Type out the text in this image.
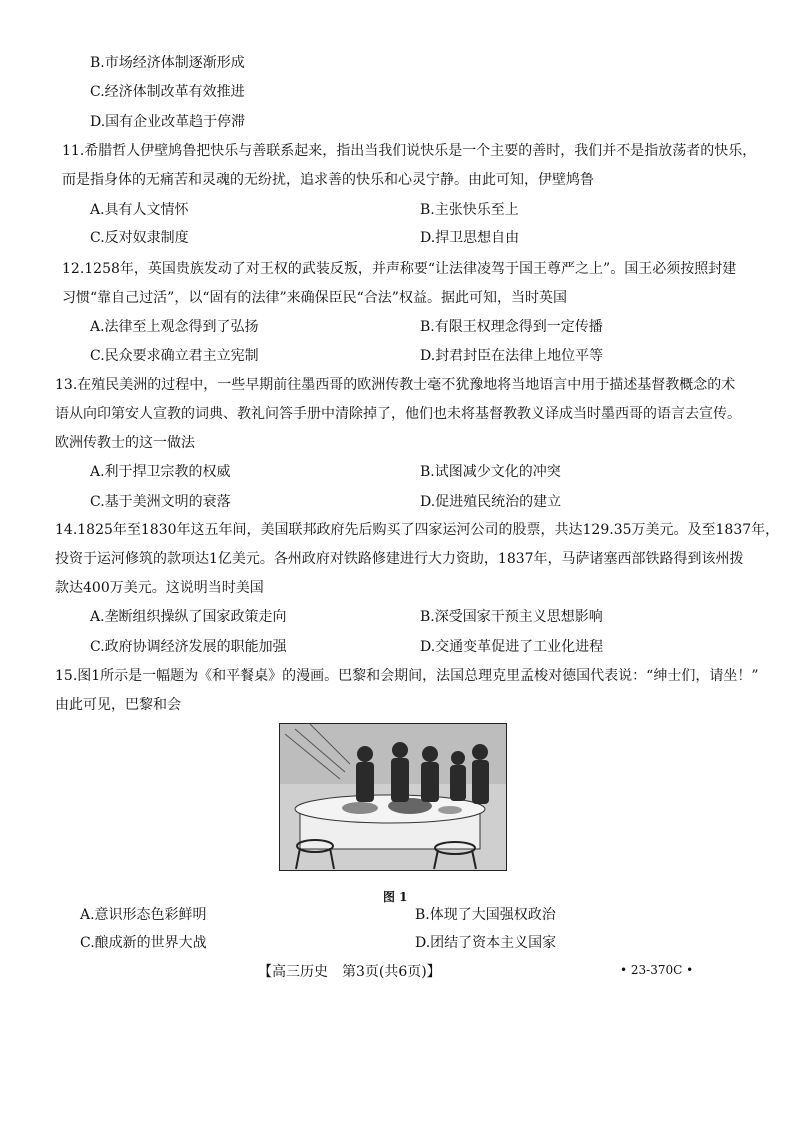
B.市场经济体制逐渐形成
C.经济体制改革有效推进
D.国有企业改革趋于停滞
11.希腊哲人伊壁鸠鲁把快乐与善联系起来，指出当我们说快乐是一个主要的善时，我们并不是指放荡者的快乐，
而是指身体的无痛苦和灵魂的无纷扰，追求善的快乐和心灵宁静。由此可知，伊壁鸠鲁
A.具有人文情怀	B.主张快乐至上
C.反对奴隶制度	D.捍卫思想自由
12.1258年，英国贵族发动了对王权的武装反叛，并声称要“让法律凌驾于国王尊严之上”。国王必须按照封建
习惯“靠自己过活”，以“固有的法律”来确保臣民“合法”权益。据此可知，当时英国
A.法律至上观念得到了弘扬	B.有限王权理念得到一定传播
C.民众要求确立君主立宪制	D.封君封臣在法律上地位平等
13.在殖民美洲的过程中，一些早期前往墨西哥的欧洲传教士毫不犹豫地将当地语言中用于描述基督教概念的术
语从向印第安人宣教的词典、教礼问答手册中清除掉了，他们也未将基督教教义译成当时墨西哥的语言去宣传。
欧洲传教士的这一做法
A.利于捍卫宗教的权威	B.试图减少文化的冲突
C.基于美洲文明的衰落	D.促进殖民统治的建立
14.1825年至1830年这五年间，美国联邦政府先后购买了四家运河公司的股票，共达129.35万美元。及至1837年，
投资于运河修筑的款项达1亿美元。各州政府对铁路修建进行大力资助，1837年，马萨诸塞西部铁路得到该州拨
款达400万美元。这说明当时美国
A.垄断组织操纵了国家政策走向	B.深受国家干预主义思想影响
C.政府协调经济发展的职能加强	D.交通变革促进了工业化进程
15.图1所示是一幅题为《和平餐桌》的漫画。巴黎和会期间，法国总理克里孟梭对德国代表说：“绅士们，请坐！”
由此可见，巴黎和会
图 1
A.意识形态色彩鲜明	B.体现了大国强权政治
C.酿成新的世界大战	D.团结了资本主义国家
【高三历史　第3页(共6页)】	• 23-370C •
